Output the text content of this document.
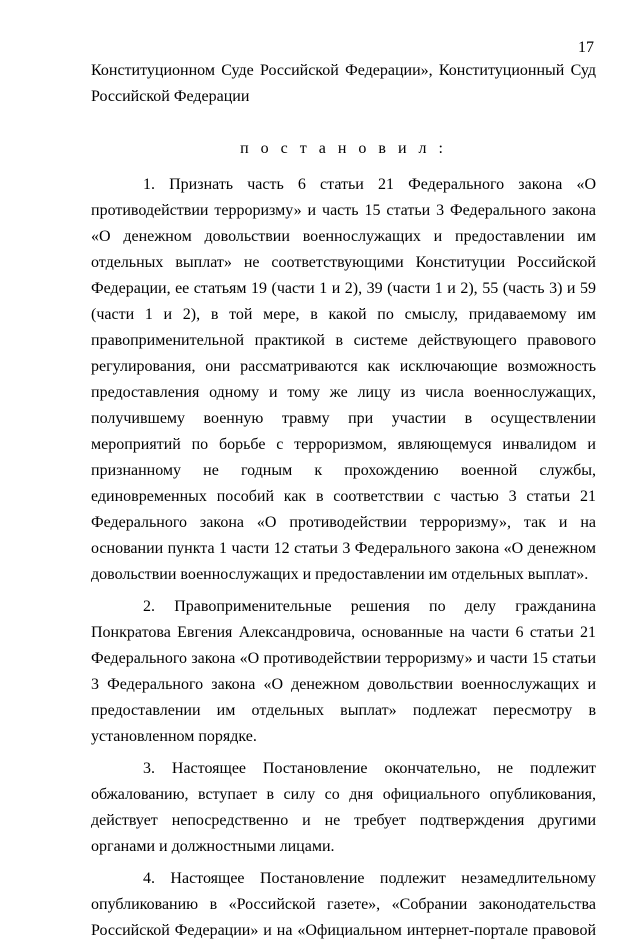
17

Конституционном Суде Российской Федерации», Конституционный Суд Российской Федерации

п о с т а н о в и л :

1. Признать часть 6 статьи 21 Федерального закона «О противодействии терроризму» и часть 15 статьи 3 Федерального закона «О денежном довольствии военнослужащих и предоставлении им отдельных выплат» не соответствующими Конституции Российской Федерации, ее статьям 19 (части 1 и 2), 39 (части 1 и 2), 55 (часть 3) и 59 (части 1 и 2), в той мере, в какой по смыслу, придаваемому им правоприменительной практикой в системе действующего правового регулирования, они рассматриваются как исключающие возможность предоставления одному и тому же лицу из числа военнослужащих, получившему военную травму при участии в осуществлении мероприятий по борьбе с терроризмом, являющемуся инвалидом и признанному не годным к прохождению военной службы, единовременных пособий как в соответствии с частью 3 статьи 21 Федерального закона «О противодействии терроризму», так и на основании пункта 1 части 12 статьи 3 Федерального закона «О денежном довольствии военнослужащих и предоставлении им отдельных выплат».

2. Правоприменительные решения по делу гражданина Понкратова Евгения Александровича, основанные на части 6 статьи 21 Федерального закона «О противодействии терроризму» и части 15 статьи 3 Федерального закона «О денежном довольствии военнослужащих и предоставлении им отдельных выплат» подлежат пересмотру в установленном порядке.

3. Настоящее Постановление окончательно, не подлежит обжалованию, вступает в силу со дня официального опубликования, действует непосредственно и не требует подтверждения другими органами и должностными лицами.

4. Настоящее Постановление подлежит незамедлительному опубликованию в «Российской газете», «Собрании законодательства Российской Федерации» и на «Официальном интернет-портале правовой
